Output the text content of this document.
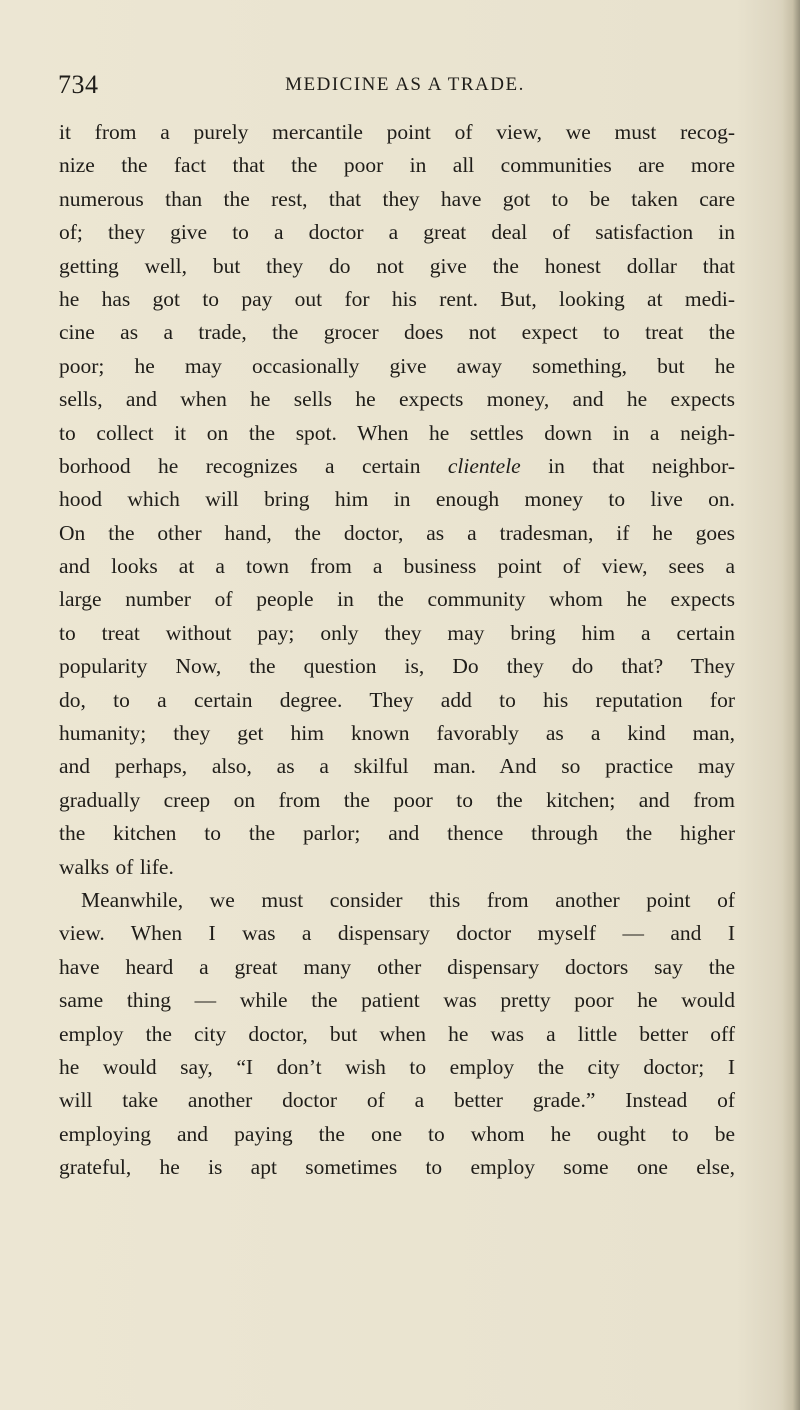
734	MEDICINE AS A TRADE.
it from a purely mercantile point of view, we must recog-
nize the fact that the poor in all communities are more
numerous than the rest, that they have got to be taken care
of; they give to a doctor a great deal of satisfaction in
getting well, but they do not give the honest dollar that
he has got to pay out for his rent. But, looking at medi-
cine as a trade, the grocer does not expect to treat the
poor; he may occasionally give away something, but he
sells, and when he sells he expects money, and he expects
to collect it on the spot. When he settles down in a neigh-
borhood he recognizes a certain clientele in that neighbor-
hood which will bring him in enough money to live on.
On the other hand, the doctor, as a tradesman, if he goes
and looks at a town from a business point of view, sees a
large number of people in the community whom he expects
to treat without pay; only they may bring him a certain
popularity Now, the question is, Do they do that? They
do, to a certain degree. They add to his reputation for
humanity; they get him known favorably as a kind man,
and perhaps, also, as a skilful man. And so practice may
gradually creep on from the poor to the kitchen; and from
the kitchen to the parlor; and thence through the higher
walks of life.
Meanwhile, we must consider this from another point of
view. When I was a dispensary doctor myself — and I
have heard a great many other dispensary doctors say the
same thing — while the patient was pretty poor he would
employ the city doctor, but when he was a little better off
he would say, “I don’t wish to employ the city doctor; I
will take another doctor of a better grade.” Instead of
employing and paying the one to whom he ought to be
grateful, he is apt sometimes to employ some one else,
